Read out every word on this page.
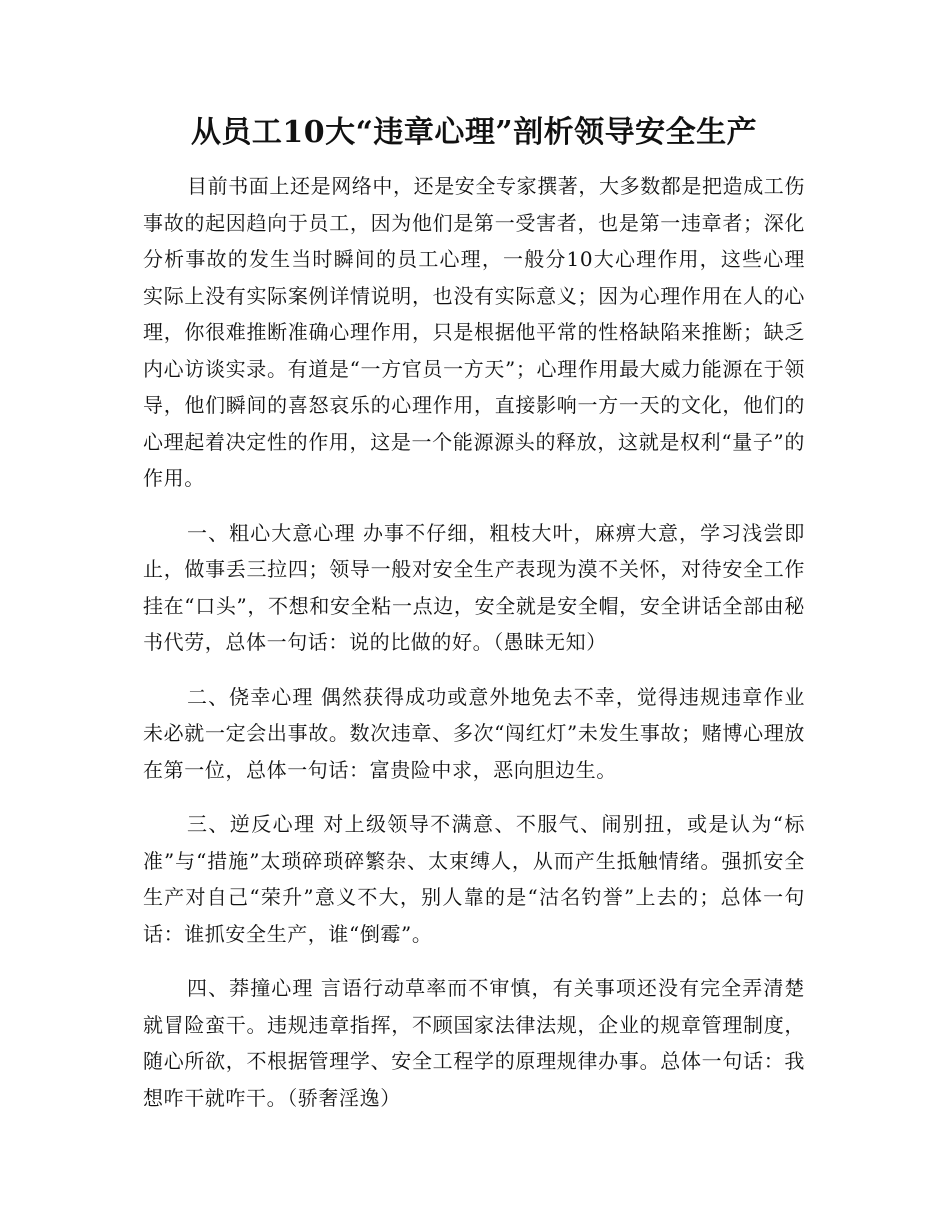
从员工10大“违章心理”剖析领导安全生产

目前书面上还是网络中，还是安全专家撰著，大多数都是把造成工伤事故的起因趋向于员工，因为他们是第一受害者，也是第一违章者；深化分析事故的发生当时瞬间的员工心理，一般分10大心理作用，这些心理实际上没有实际案例详情说明，也没有实际意义；因为心理作用在人的心理，你很难推断准确心理作用，只是根据他平常的性格缺陷来推断；缺乏内心访谈实录。有道是“一方官员一方天”；心理作用最大威力能源在于领导，他们瞬间的喜怒哀乐的心理作用，直接影响一方一天的文化，他们的心理起着决定性的作用，这是一个能源源头的释放，这就是权利“量子”的作用。

一、粗心大意心理 办事不仔细，粗枝大叶，麻痹大意，学习浅尝即止，做事丢三拉四；领导一般对安全生产表现为漠不关怀，对待安全工作挂在“口头”，不想和安全粘一点边，安全就是安全帽，安全讲话全部由秘书代劳，总体一句话：说的比做的好。（愚昧无知）

二、侥幸心理 偶然获得成功或意外地免去不幸，觉得违规违章作业未必就一定会出事故。数次违章、多次“闯红灯”未发生事故；赌博心理放在第一位，总体一句话：富贵险中求，恶向胆边生。

三、逆反心理 对上级领导不满意、不服气、闹别扭，或是认为“标准”与“措施”太琐碎琐碎繁杂、太束缚人，从而产生抵触情绪。强抓安全生产对自己“荣升”意义不大，别人靠的是“沽名钓誉”上去的；总体一句话：谁抓安全生产，谁“倒霉”。

四、莽撞心理 言语行动草率而不审慎，有关事项还没有完全弄清楚就冒险蛮干。违规违章指挥，不顾国家法律法规，企业的规章管理制度，随心所欲，不根据管理学、安全工程学的原理规律办事。总体一句话：我想咋干就咋干。（骄奢淫逸）
